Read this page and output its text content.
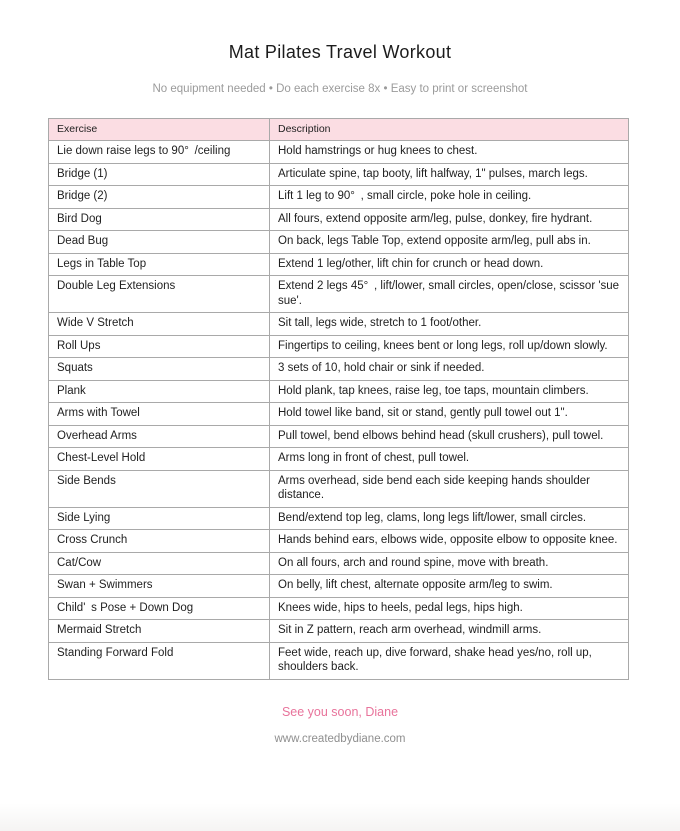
Mat Pilates Travel Workout

No equipment needed • Do each exercise 8x • Easy to print or screenshot

Exercise	Description
Lie down raise legs to 90° /ceiling	Hold hamstrings or hug knees to chest.
Bridge (1)	Articulate spine, tap booty, lift halfway, 1" pulses, march legs.
Bridge (2)	Lift 1 leg to 90° , small circle, poke hole in ceiling.
Bird Dog	All fours, extend opposite arm/leg, pulse, donkey, fire hydrant.
Dead Bug	On back, legs Table Top, extend opposite arm/leg, pull abs in.
Legs in Table Top	Extend 1 leg/other, lift chin for crunch or head down.
Double Leg Extensions	Extend 2 legs 45° , lift/lower, small circles, open/close, scissor 'sue sue'.
Wide V Stretch	Sit tall, legs wide, stretch to 1 foot/other.
Roll Ups	Fingertips to ceiling, knees bent or long legs, roll up/down slowly.
Squats	3 sets of 10, hold chair or sink if needed.
Plank	Hold plank, tap knees, raise leg, toe taps, mountain climbers.
Arms with Towel	Hold towel like band, sit or stand, gently pull towel out 1".
Overhead Arms	Pull towel, bend elbows behind head (skull crushers), pull towel.
Chest-Level Hold	Arms long in front of chest, pull towel.
Side Bends	Arms overhead, side bend each side keeping hands shoulder distance.
Side Lying	Bend/extend top leg, clams, long legs lift/lower, small circles.
Cross Crunch	Hands behind ears, elbows wide, opposite elbow to opposite knee.
Cat/Cow	On all fours, arch and round spine, move with breath.
Swan + Swimmers	On belly, lift chest, alternate opposite arm/leg to swim.
Child' s Pose + Down Dog	Knees wide, hips to heels, pedal legs, hips high.
Mermaid Stretch	Sit in Z pattern, reach arm overhead, windmill arms.
Standing Forward Fold	Feet wide, reach up, dive forward, shake head yes/no, roll up, shoulders back.

See you soon, Diane

www.createdbydiane.com
